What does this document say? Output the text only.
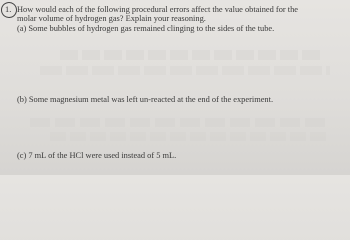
1. How would each of the following procedural errors affect the value obtained for the
molar volume of hydrogen gas? Explain your reasoning.
(a) Some bubbles of hydrogen gas remained clinging to the sides of the tube.
(b) Some magnesium metal was left un-reacted at the end of the experiment.
(c) 7 mL of the HCl were used instead of 5 mL.
